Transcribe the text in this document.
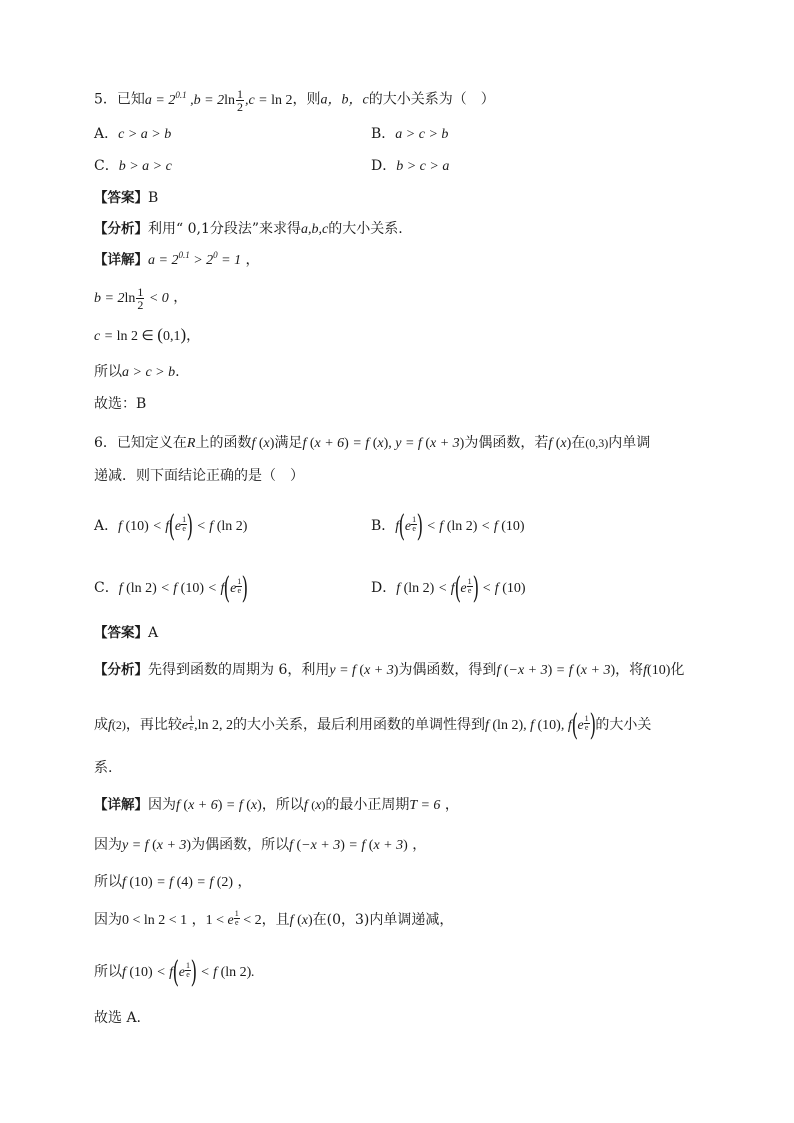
5．已知$a = 2^{0.1}$ $,b = 2\ln \frac{1}{2} ,c = \ln 2$，则a，b，c的大小关系为（　）
A．c > a > b	B．a > c > b
C．b > a > c	D．b > c > a
【答案】B
【分析】利用“ 0,1分段法”来求得a,b,c的大小关系.
【详解】$a = 2^{0.1} > 2^0 = 1$ ，
$b = 2\ln \frac{1}{2} < 0$ ，
c = ln 2 ∈ (0,1)，
所以a > c > b.
故选：B
6．已知定义在R上的函数f (x)满足f (x + 6) = f (x), y = f (x + 3)为偶函数，若f (x)在(0,3)内单调
递减．则下面结论正确的是（　）
A．f $(10) < f(e \frac{1}{e}$ ) < f (ln 2)	B．$f(e \frac{1}{e}$ ) < f (ln 2) < f (10)
C．f (ln 2) < f $(10) < f(e \frac{1}{e}$ )	D．f (ln $2) < f(e \frac{1}{e}$ ) < f (10)
【答案】A
【分析】先得到函数的周期为 6，利用y = f (x + 3)为偶函数，得到f (−x + 3) = f (x + 3)，将f(10)化
成f(2)，再比较e $\frac{1}{e} ,\ln$ 2, 2的大小关系，最后利用函数的单调性得到f (ln 2), f (10), $f(e \frac{1}{e}$ )的大小关
系.
【详解】因为f (x + 6) = f (x)，所以f (x)的最小正周期T = 6 ，
因为y = f (x + 3)为偶函数，所以f (−x + 3) = f (x + 3) ，
所以f (10) = f (4) = f (2) ，
因为0 < ln 2 < 1 ，1 < e $\frac{1}{e} < 2$，且f (x)在(0，3)内单调递减，
所以f $(10) < f(e \frac{1}{e}$ ) < f (ln 2).
故选 A.
